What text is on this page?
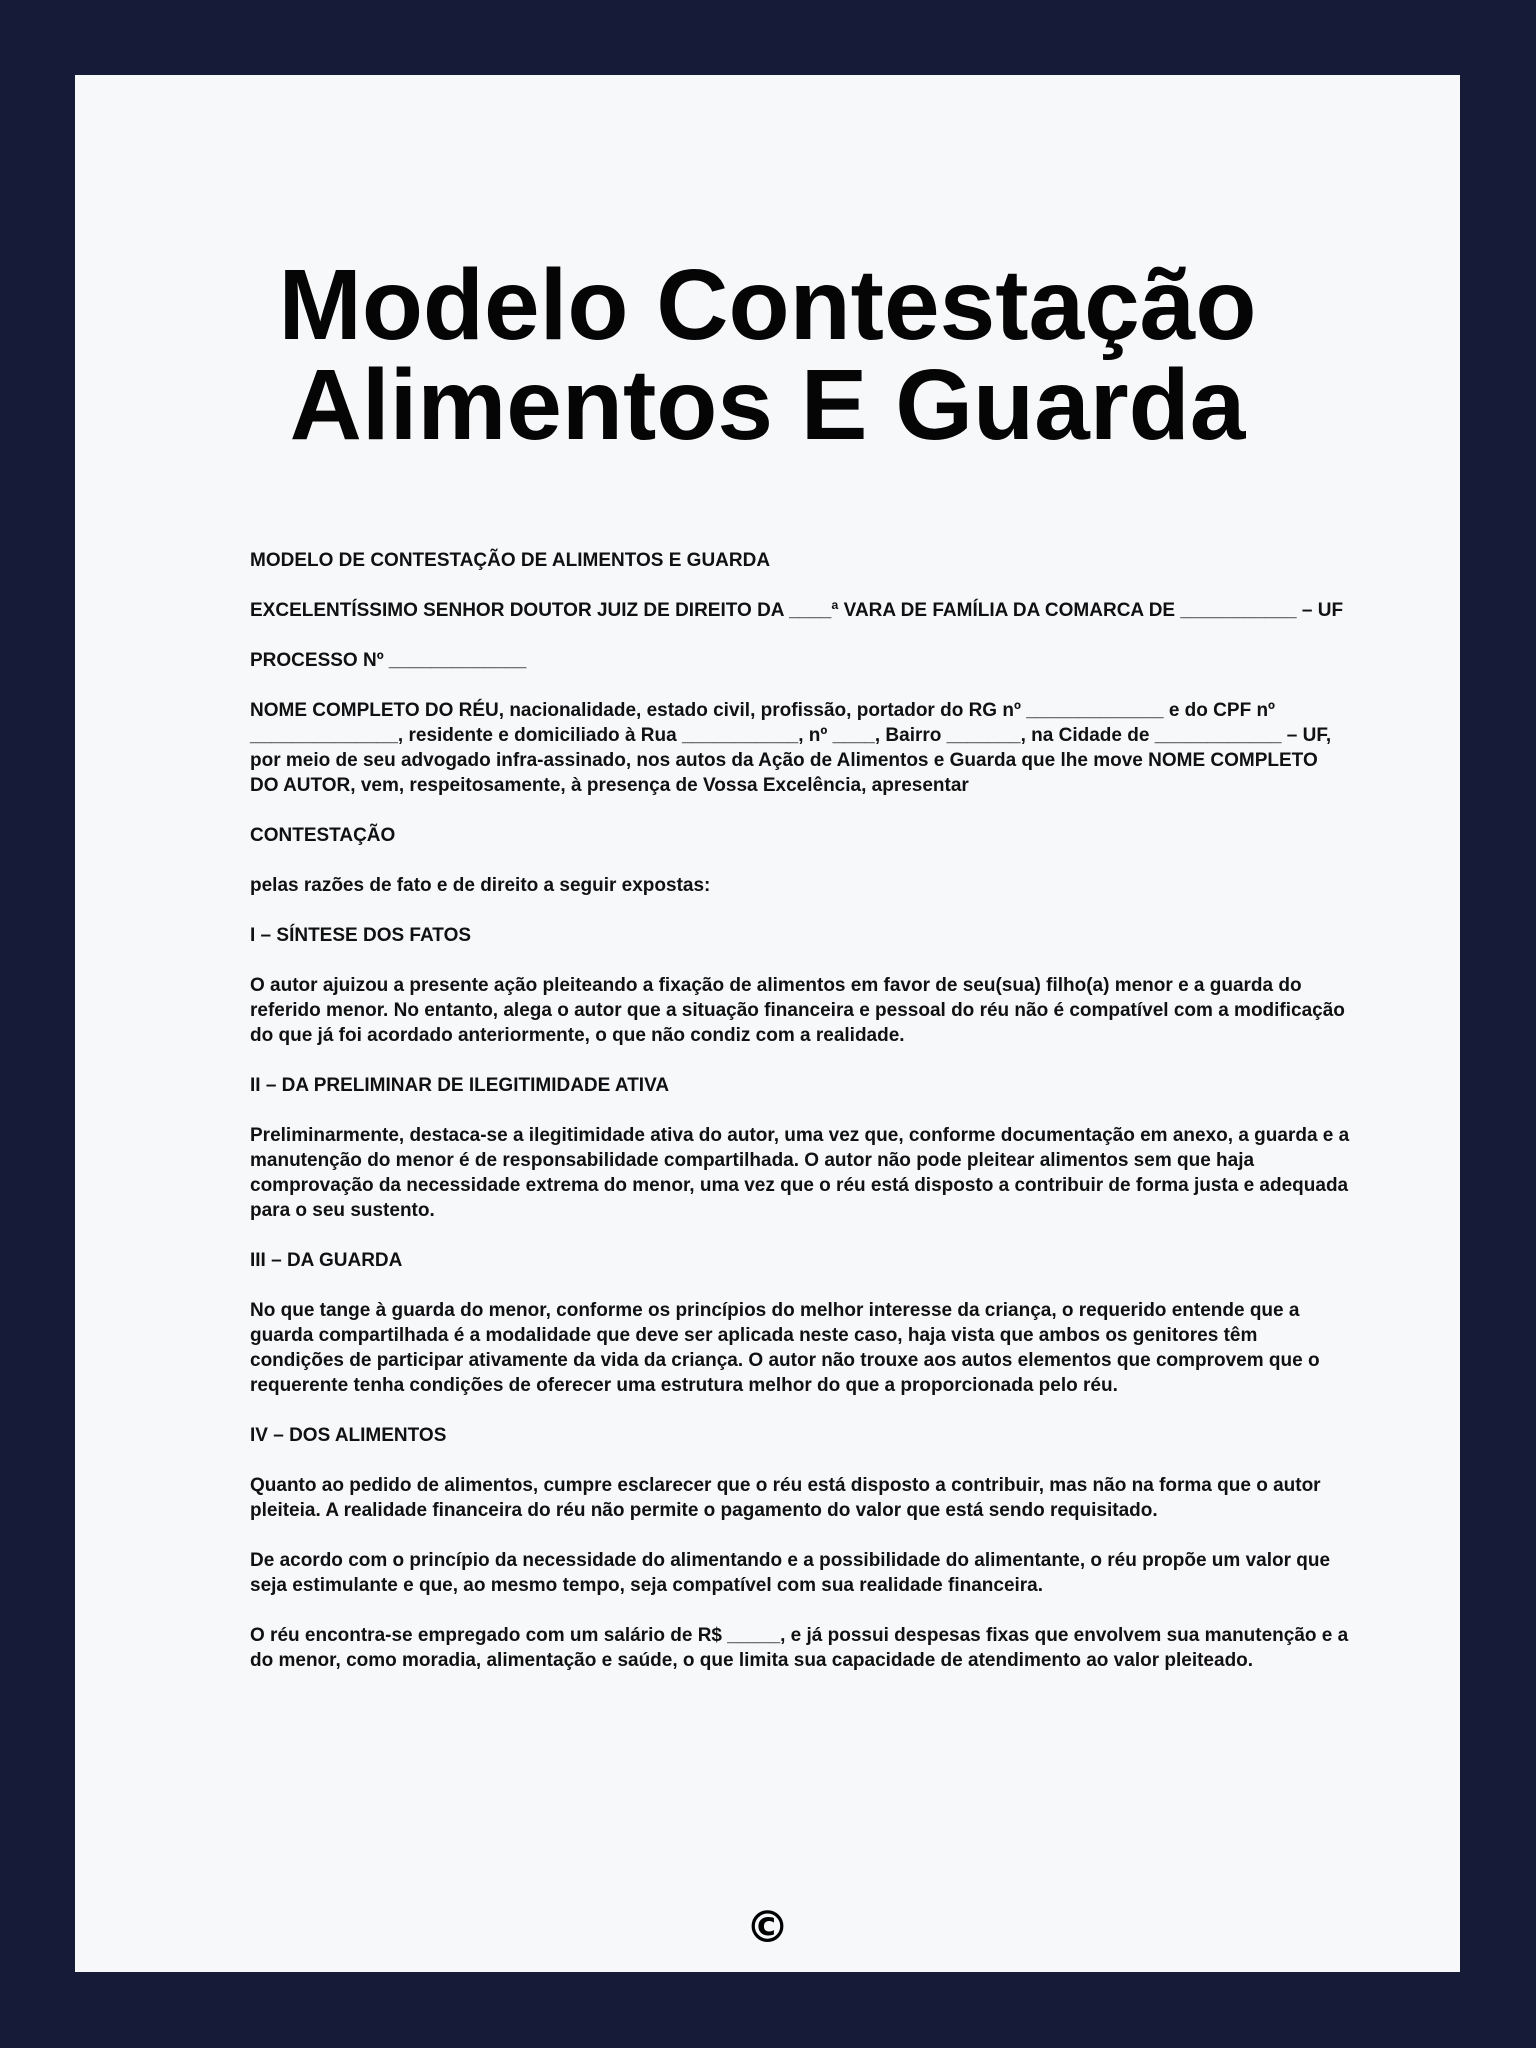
Modelo Contestação
Alimentos E Guarda

MODELO DE CONTESTAÇÃO DE ALIMENTOS E GUARDA

EXCELENTÍSSIMO SENHOR DOUTOR JUIZ DE DIREITO DA ____ª VARA DE FAMÍLIA DA COMARCA DE ___________ – UF

PROCESSO Nº _____________

NOME COMPLETO DO RÉU, nacionalidade, estado civil, profissão, portador do RG nº _____________ e do CPF nº ______________, residente e domiciliado à Rua ___________, nº ____, Bairro _______, na Cidade de ____________ – UF, por meio de seu advogado infra-assinado, nos autos da Ação de Alimentos e Guarda que lhe move NOME COMPLETO DO AUTOR, vem, respeitosamente, à presença de Vossa Excelência, apresentar

CONTESTAÇÃO

pelas razões de fato e de direito a seguir expostas:

I – SÍNTESE DOS FATOS

O autor ajuizou a presente ação pleiteando a fixação de alimentos em favor de seu(sua) filho(a) menor e a guarda do referido menor. No entanto, alega o autor que a situação financeira e pessoal do réu não é compatível com a modificação do que já foi acordado anteriormente, o que não condiz com a realidade.

II – DA PRELIMINAR DE ILEGITIMIDADE ATIVA

Preliminarmente, destaca-se a ilegitimidade ativa do autor, uma vez que, conforme documentação em anexo, a guarda e a manutenção do menor é de responsabilidade compartilhada. O autor não pode pleitear alimentos sem que haja comprovação da necessidade extrema do menor, uma vez que o réu está disposto a contribuir de forma justa e adequada para o seu sustento.

III – DA GUARDA

No que tange à guarda do menor, conforme os princípios do melhor interesse da criança, o requerido entende que a guarda compartilhada é a modalidade que deve ser aplicada neste caso, haja vista que ambos os genitores têm condições de participar ativamente da vida da criança. O autor não trouxe aos autos elementos que comprovem que o requerente tenha condições de oferecer uma estrutura melhor do que a proporcionada pelo réu.

IV – DOS ALIMENTOS

Quanto ao pedido de alimentos, cumpre esclarecer que o réu está disposto a contribuir, mas não na forma que o autor pleiteia. A realidade financeira do réu não permite o pagamento do valor que está sendo requisitado.

De acordo com o princípio da necessidade do alimentando e a possibilidade do alimentante, o réu propõe um valor que seja estimulante e que, ao mesmo tempo, seja compatível com sua realidade financeira.

O réu encontra-se empregado com um salário de R$ _____, e já possui despesas fixas que envolvem sua manutenção e a do menor, como moradia, alimentação e saúde, o que limita sua capacidade de atendimento ao valor pleiteado.

©
